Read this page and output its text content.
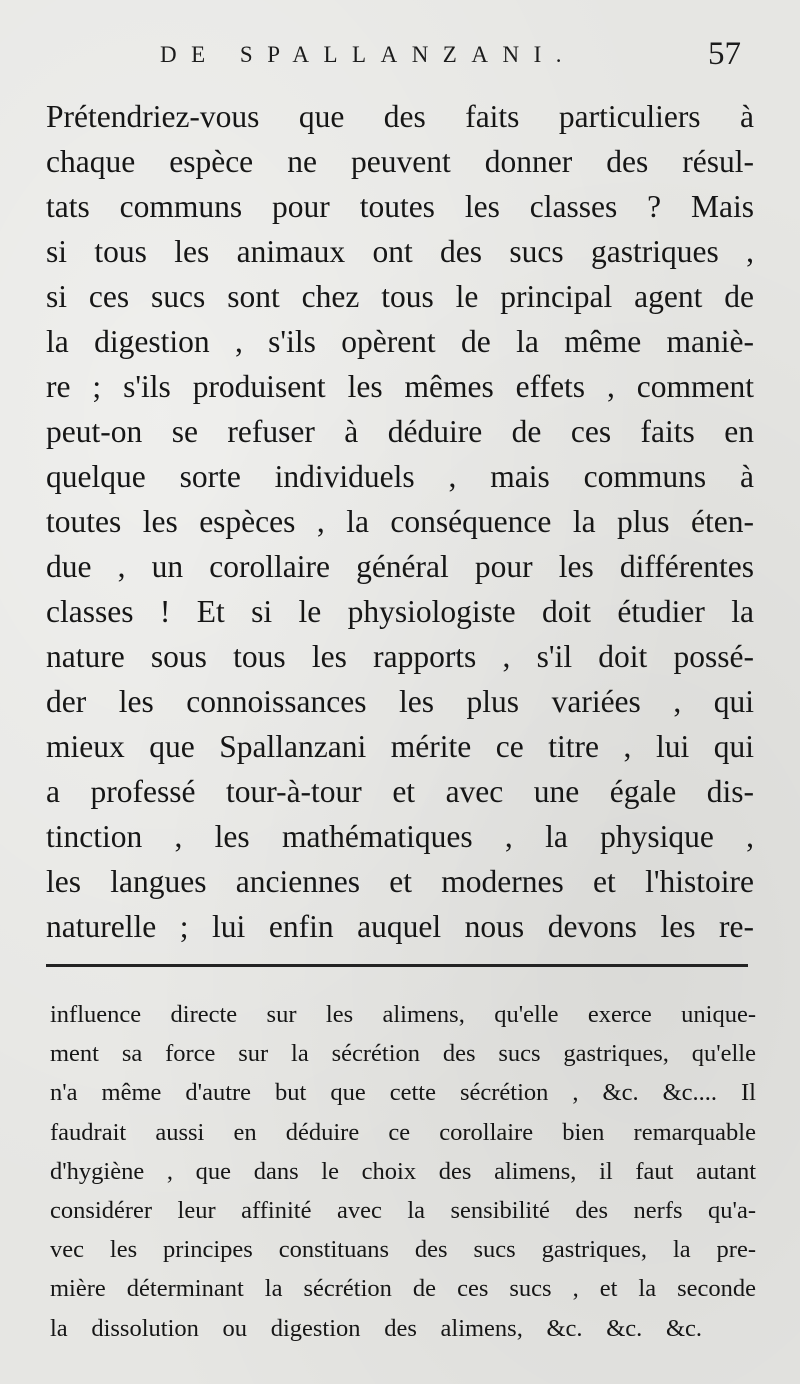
DE SPALLANZANI.	57
Prétendriez-vous que des faits particuliers à
chaque espèce ne peuvent donner des résul-
tats communs pour toutes les classes ? Mais
si tous les animaux ont des sucs gastriques ,
si ces sucs sont chez tous le principal agent de
la digestion , s'ils opèrent de la même maniè-
re ; s'ils produisent les mêmes effets , comment
peut-on se refuser à déduire de ces faits en
quelque sorte individuels , mais communs à
toutes les espèces , la conséquence la plus éten-
due , un corollaire général pour les différentes
classes ! Et si le physiologiste doit étudier la
nature sous tous les rapports , s'il doit possé-
der les connoissances les plus variées , qui
mieux que Spallanzani mérite ce titre , lui qui
a professé tour-à-tour et avec une égale dis-
tinction , les mathématiques , la physique ,
les langues anciennes et modernes et l'histoire
naturelle ; lui enfin auquel nous devons les re-
influence directe sur les alimens, qu'elle exerce unique-
ment sa force sur la sécrétion des sucs gastriques, qu'elle
n'a même d'autre but que cette sécrétion , &c. &c.... Il
faudrait aussi en déduire ce corollaire bien remarquable
d'hygiène , que dans le choix des alimens, il faut autant
considérer leur affinité avec la sensibilité des nerfs qu'a-
vec les principes constituans des sucs gastriques, la pre-
mière déterminant la sécrétion de ces sucs , et la seconde
la dissolution ou digestion des alimens, &c. &c. &c.
